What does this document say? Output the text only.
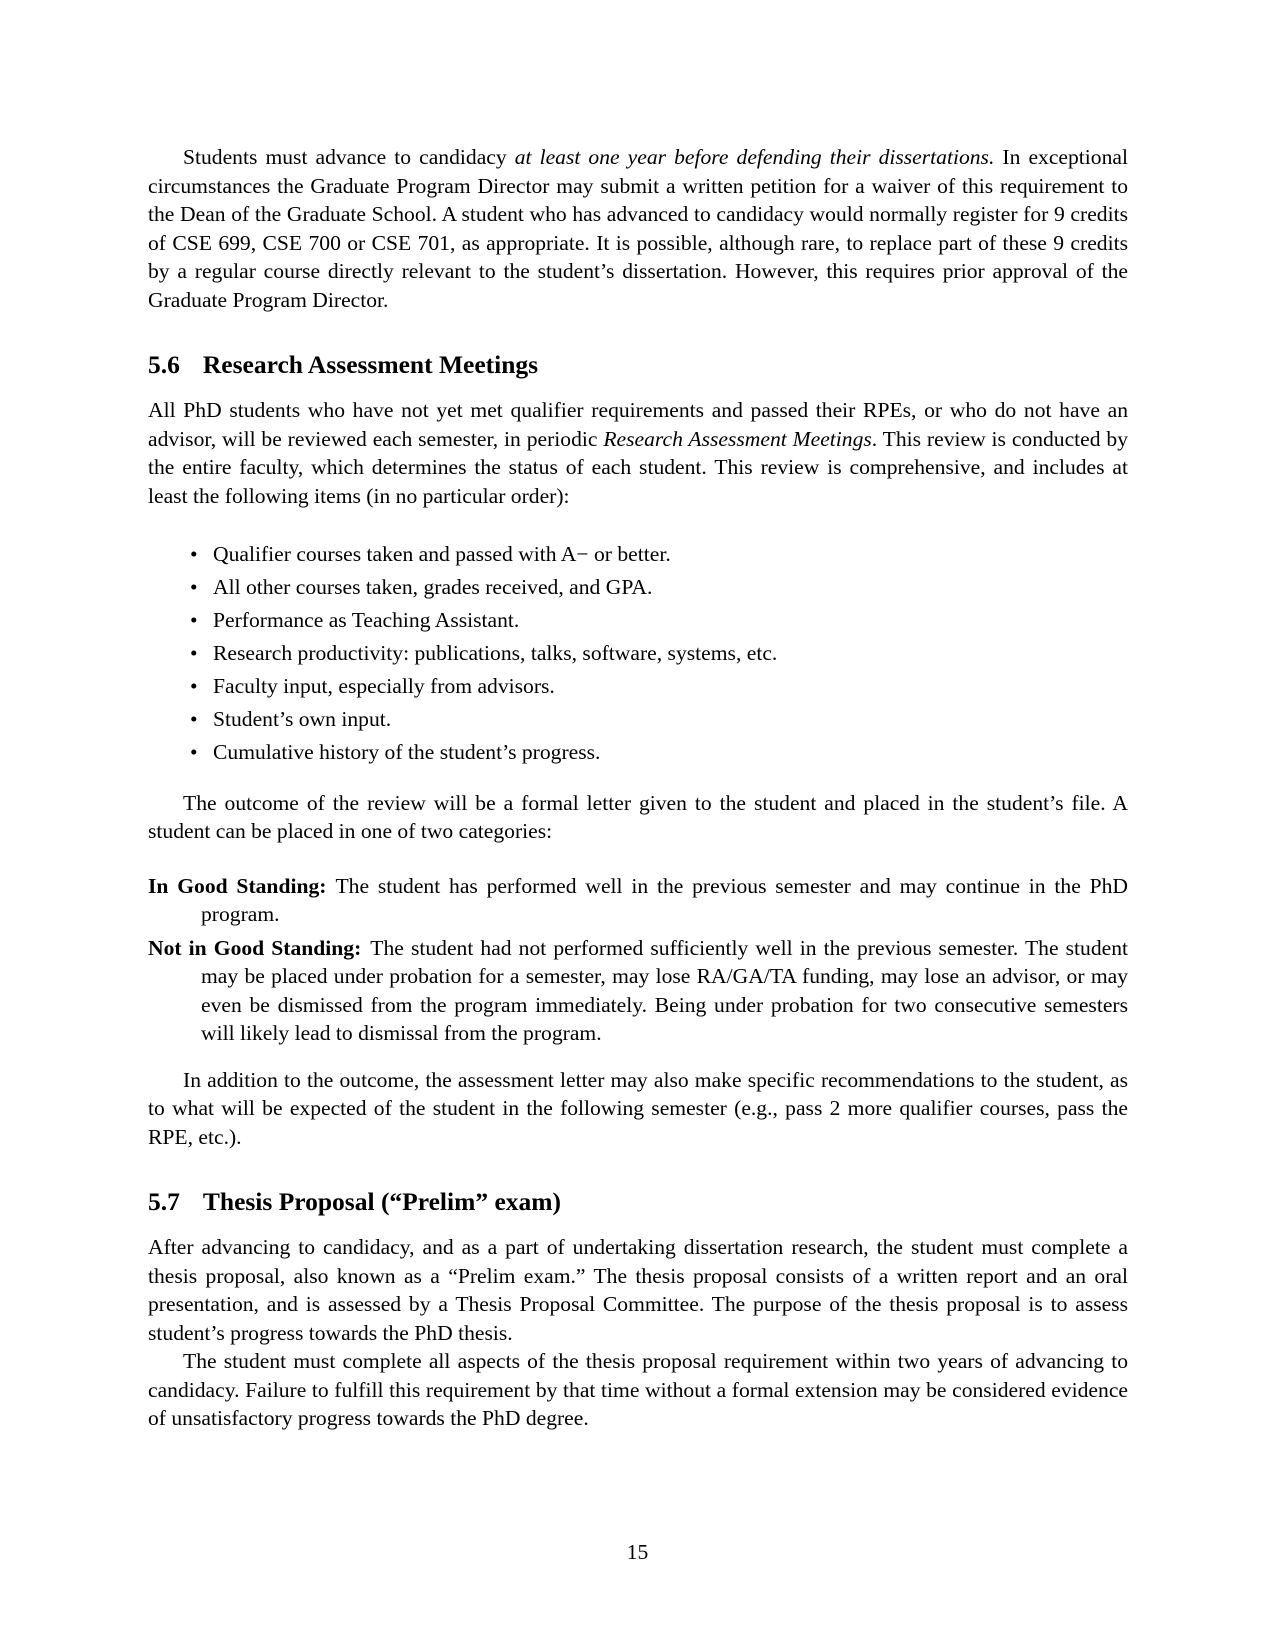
Students must advance to candidacy at least one year before defending their dissertations. In exceptional circumstances the Graduate Program Director may submit a written petition for a waiver of this requirement to the Dean of the Graduate School. A student who has advanced to candidacy would normally register for 9 credits of CSE 699, CSE 700 or CSE 701, as appropriate. It is possible, although rare, to replace part of these 9 credits by a regular course directly relevant to the student’s dissertation. However, this requires prior approval of the Graduate Program Director.

5.6 Research Assessment Meetings

All PhD students who have not yet met qualifier requirements and passed their RPEs, or who do not have an advisor, will be reviewed each semester, in periodic Research Assessment Meetings. This review is conducted by the entire faculty, which determines the status of each student. This review is comprehensive, and includes at least the following items (in no particular order):

• Qualifier courses taken and passed with A− or better.
• All other courses taken, grades received, and GPA.
• Performance as Teaching Assistant.
• Research productivity: publications, talks, software, systems, etc.
• Faculty input, especially from advisors.
• Student’s own input.
• Cumulative history of the student’s progress.

The outcome of the review will be a formal letter given to the student and placed in the student’s file. A student can be placed in one of two categories:

In Good Standing: The student has performed well in the previous semester and may continue in the PhD program.
Not in Good Standing: The student had not performed sufficiently well in the previous semester. The student may be placed under probation for a semester, may lose RA/GA/TA funding, may lose an advisor, or may even be dismissed from the program immediately. Being under probation for two consecutive semesters will likely lead to dismissal from the program.

In addition to the outcome, the assessment letter may also make specific recommendations to the student, as to what will be expected of the student in the following semester (e.g., pass 2 more qualifier courses, pass the RPE, etc.).

5.7 Thesis Proposal (“Prelim” exam)

After advancing to candidacy, and as a part of undertaking dissertation research, the student must complete a thesis proposal, also known as a “Prelim exam.” The thesis proposal consists of a written report and an oral presentation, and is assessed by a Thesis Proposal Committee. The purpose of the thesis proposal is to assess student’s progress towards the PhD thesis.

The student must complete all aspects of the thesis proposal requirement within two years of advancing to candidacy. Failure to fulfill this requirement by that time without a formal extension may be considered evidence of unsatisfactory progress towards the PhD degree.

15
